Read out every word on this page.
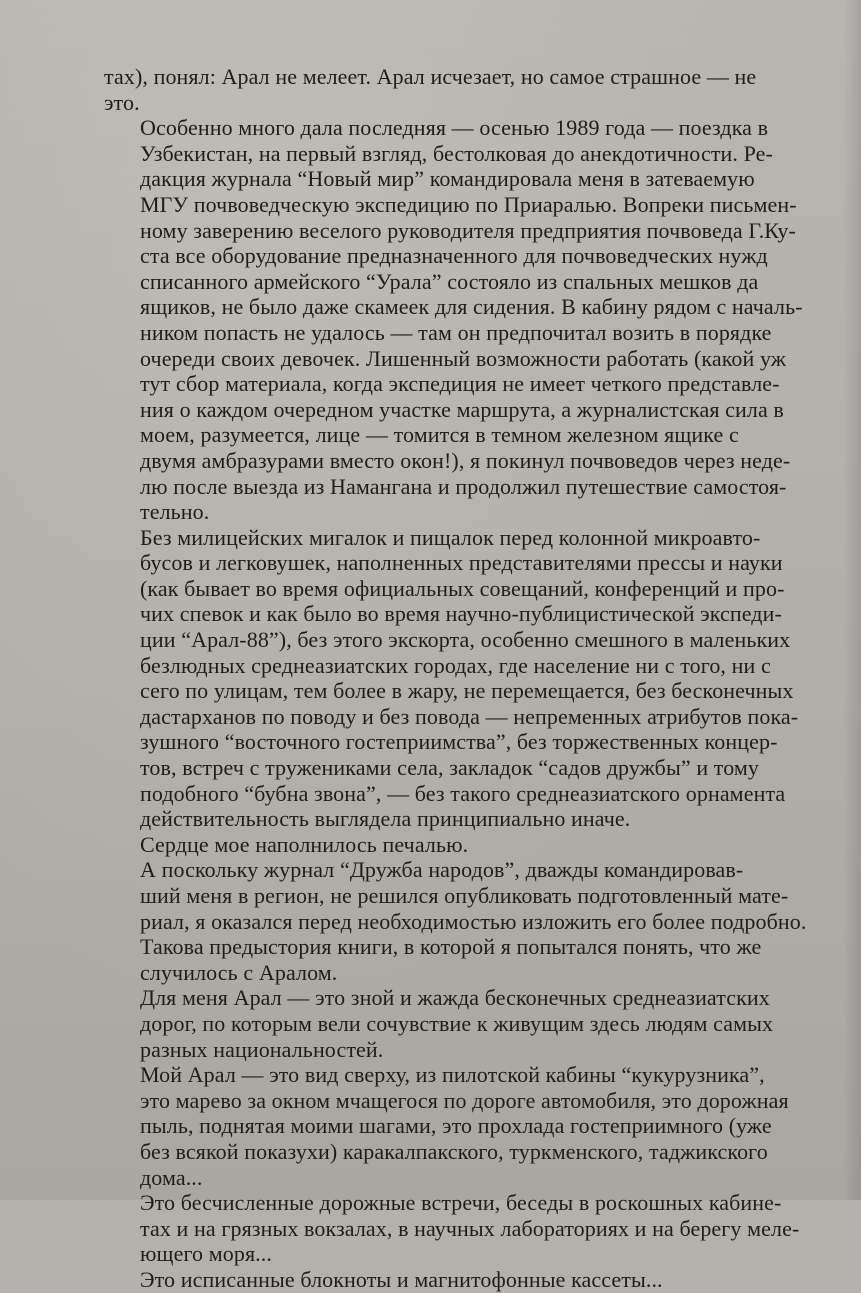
тах), понял: Арал не мелеет. Арал исчезает, но самое страшное — не
это.
Особенно много дала последняя — осенью 1989 года — поездка в
Узбекистан, на первый взгляд, бестолковая до анекдотичности. Ре-
дакция журнала “Новый мир” командировала меня в затеваемую
МГУ почвоведческую экспедицию по Приаралью. Вопреки письмен-
ному заверению веселого руководителя предприятия почвоведа Г.Ку-
ста все оборудование предназначенного для почвоведческих нужд
списанного армейского “Урала” состояло из спальных мешков да
ящиков, не было даже скамеек для сидения. В кабину рядом с началь-
ником попасть не удалось — там он предпочитал возить в порядке
очереди своих девочек. Лишенный возможности работать (какой уж
тут сбор материала, когда экспедиция не имеет четкого представле-
ния о каждом очередном участке маршрута, а журналистская сила в
моем, разумеется, лице — томится в темном железном ящике с
двумя амбразурами вместо окон!), я покинул почвоведов через неде-
лю после выезда из Намангана и продолжил путешествие самостоя-
тельно.
Без милицейских мигалок и пищалок перед колонной микроавто-
бусов и легковушек, наполненных представителями прессы и науки
(как бывает во время официальных совещаний, конференций и про-
чих спевок и как было во время научно-публицистической экспеди-
ции “Арал-88”), без этого экскорта, особенно смешного в маленьких
безлюдных среднеазиатских городах, где население ни с того, ни с
сего по улицам, тем более в жару, не перемещается, без бесконечных
дастарханов по поводу и без повода — непременных атрибутов пока-
зушного “восточного гостеприимства”, без торжественных концер-
тов, встреч с тружениками села, закладок “садов дружбы” и тому
подобного “бубна звона”, — без такого среднеазиатского орнамента
действительность выглядела принципиально иначе.
Сердце мое наполнилось печалью.
А поскольку журнал “Дружба народов”, дважды командировав-
ший меня в регион, не решился опубликовать подготовленный мате-
риал, я оказался перед необходимостью изложить его более подробно.
Такова предыстория книги, в которой я попытался понять, что же
случилось с Аралом.
Для меня Арал — это зной и жажда бесконечных среднеазиатских
дорог, по которым вели сочувствие к живущим здесь людям самых
разных национальностей.
Мой Арал — это вид сверху, из пилотской кабины “кукурузника”,
это марево за окном мчащегося по дороге автомобиля, это дорожная
пыль, поднятая моими шагами, это прохлада гостеприимного (уже
без всякой показухи) каракалпакского, туркменского, таджикского
дома...
Это бесчисленные дорожные встречи, беседы в роскошных кабине-
тах и на грязных вокзалах, в научных лабораториях и на берегу меле-
ющего моря...
Это исписанные блокноты и магнитофонные кассеты...
